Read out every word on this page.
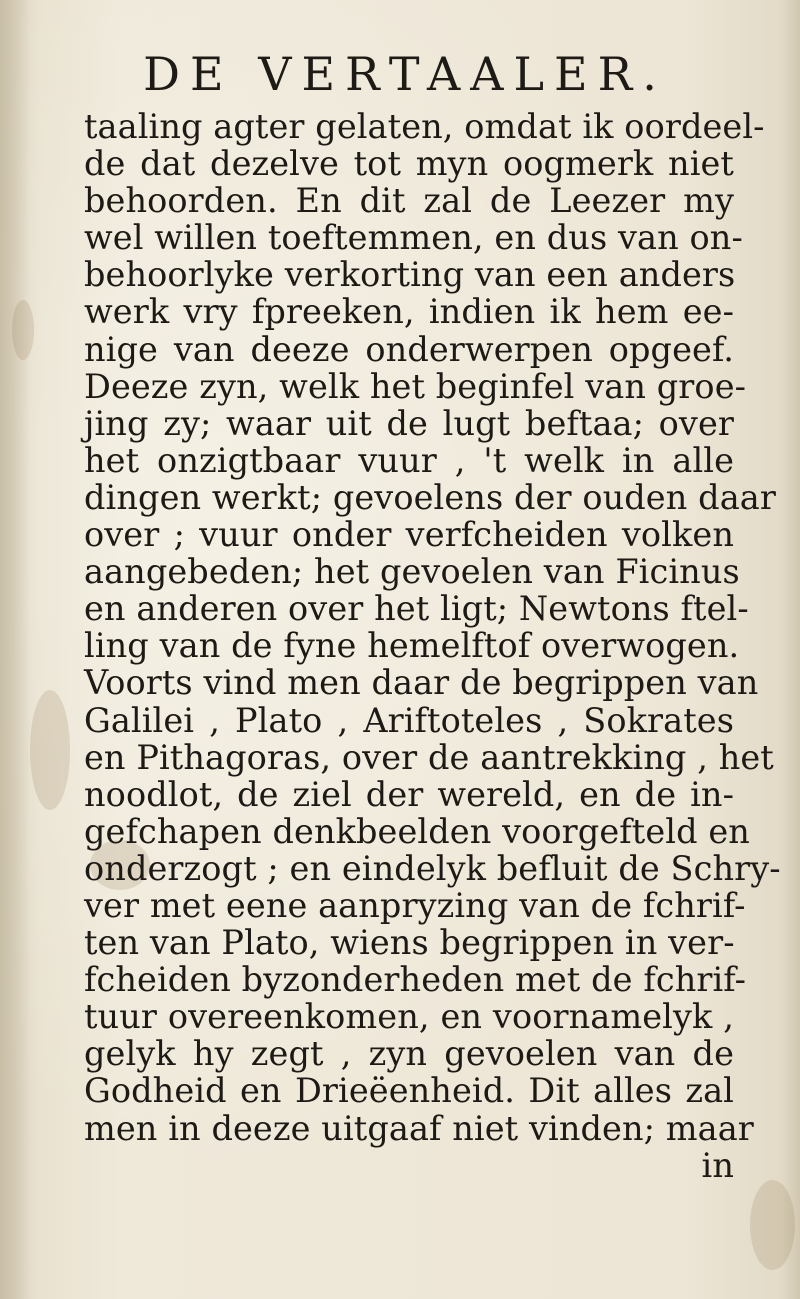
DE VERTAALER.
taaling agter gelaten, omdat ik oordeel-
de dat dezelve tot myn oogmerk niet
behoorden. En dit zal de Leezer my
wel willen toeftemmen, en dus van on-
behoorlyke verkorting van een anders
werk vry fpreeken, indien ik hem ee-
nige van deeze onderwerpen opgeef.
Deeze zyn, welk het beginfel van groe-
jing zy; waar uit de lugt beftaa; over
het onzigtbaar vuur , 't welk in alle
dingen werkt; gevoelens der ouden daar
over ; vuur onder verfcheiden volken
aangebeden; het gevoelen van Ficinus
en anderen over het ligt; Newtons ftel-
ling van de fyne hemelftof overwogen.
Voorts vind men daar de begrippen van
Galilei , Plato , Ariftoteles , Sokrates
en Pithagoras, over de aantrekking , het
noodlot, de ziel der wereld, en de in-
gefchapen denkbeelden voorgefteld en
onderzogt ; en eindelyk befluit de Schry-
ver met eene aanpryzing van de fchrif-
ten van Plato, wiens begrippen in ver-
fcheiden byzonderheden met de fchrif-
tuur overeenkomen, en voornamelyk ,
gelyk hy zegt , zyn gevoelen van de
Godheid en Drieëenheid. Dit alles zal
men in deeze uitgaaf niet vinden; maar
in
